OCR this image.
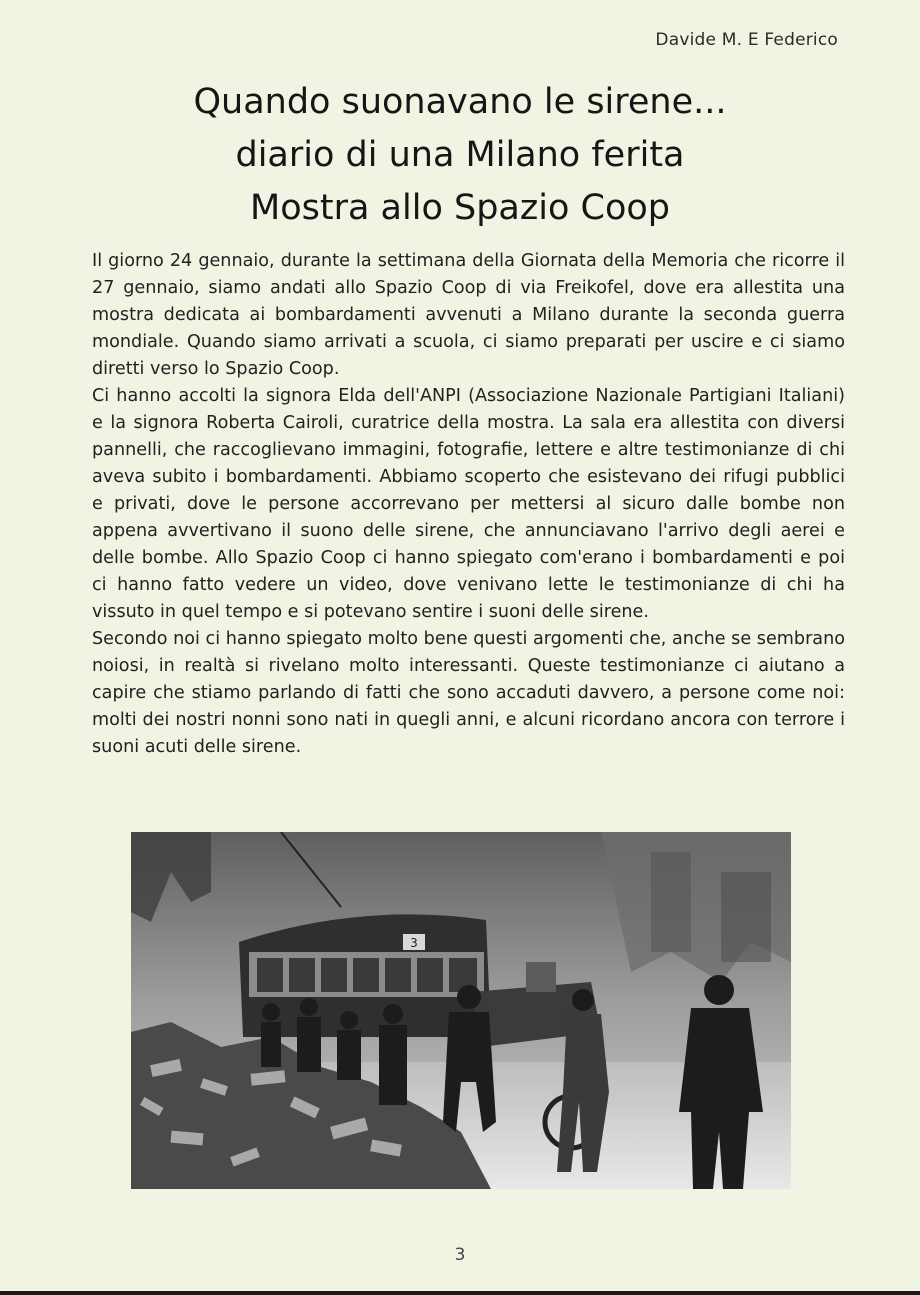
Davide M. E Federico
Quando suonavano le sirene...
diario di una Milano ferita
Mostra allo Spazio Coop

Il giorno 24 gennaio, durante la settimana della Giornata della Memoria che ricorre il 27 gennaio, siamo andati allo Spazio Coop di via Freikofel, dove era allestita una mostra dedicata ai bombardamenti avvenuti a Milano durante la seconda guerra mondiale. Quando siamo arrivati a scuola, ci siamo preparati per uscire e ci siamo diretti verso lo Spazio Coop.

Ci hanno accolti la signora Elda dell'ANPI (Associazione Nazionale Partigiani Italiani) e la signora Roberta Cairoli, curatrice della mostra. La sala era allestita con diversi pannelli, che raccoglievano immagini, fotografie, lettere e altre testimonianze di chi aveva subito i bombardamenti. Abbiamo scoperto che esistevano dei rifugi pubblici e privati, dove le persone accorrevano per mettersi al sicuro dalle bombe non appena avvertivano il suono delle sirene, che annunciavano l'arrivo degli aerei e delle bombe. Allo Spazio Coop ci hanno spiegato com'erano i bombardamenti e poi ci hanno fatto vedere un video, dove venivano lette le testimonianze di chi ha vissuto in quel tempo e si potevano sentire i suoni delle sirene.

Secondo noi ci hanno spiegato molto bene questi argomenti che, anche se sembrano noiosi, in realtà si rivelano molto interessanti. Queste testimonianze ci aiutano a capire che stiamo parlando di fatti che sono accaduti davvero, a persone come noi: molti dei nostri nonni sono nati in quegli anni, e alcuni ricordano ancora con terrore i suoni acuti delle sirene.

3
3
